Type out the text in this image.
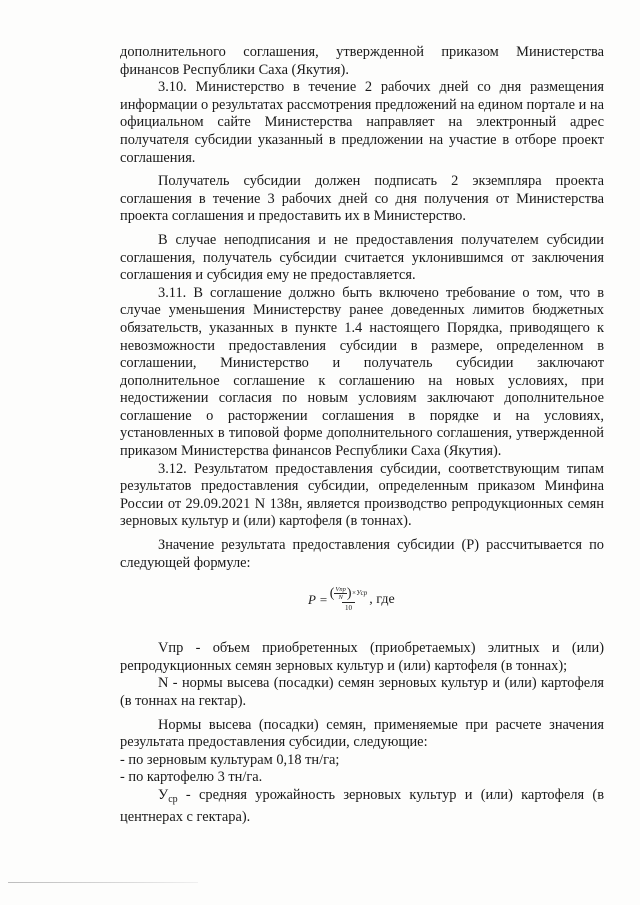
дополнительного соглашения, утвержденной приказом Министерства финансов Республики Саха (Якутия).

3.10. Министерство в течение 2 рабочих дней со дня размещения информации о результатах рассмотрения предложений на едином портале и на официальном сайте Министерства направляет на электронный адрес получателя субсидии указанный в предложении на участие в отборе проект соглашения.

Получатель субсидии должен подписать 2 экземпляра проекта соглашения в течение 3 рабочих дней со дня получения от Министерства проекта соглашения и предоставить их в Министерство.

В случае неподписания и не предоставления получателем субсидии соглашения, получатель субсидии считается уклонившимся от заключения соглашения и субсидия ему не предоставляется.

3.11. В соглашение должно быть включено требование о том, что в случае уменьшения Министерству ранее доведенных лимитов бюджетных обязательств, указанных в пункте 1.4 настоящего Порядка, приводящего к невозможности предоставления субсидии в размере, определенном в соглашении, Министерство и получатель субсидии заключают дополнительное соглашение к соглашению на новых условиях, при недостижении согласия по новым условиям заключают дополнительное соглашение о расторжении соглашения в порядке и на условиях, установленных в типовой форме дополнительного соглашения, утвержденной приказом Министерства финансов Республики Саха (Якутия).

3.12. Результатом предоставления субсидии, соответствующим типам результатов предоставления субсидии, определенным приказом Минфина России от 29.09.2021 N 138н, является производство репродукционных семян зерновых культур и (или) картофеля (в тоннах).

Значение результата предоставления субсидии (Р) рассчитывается по следующей формуле:

P = ( $\frac{\text{Vпр}}{N}$ ) ×Уср
10
, где

Vпр - объем приобретенных (приобретаемых) элитных и (или) репродукционных семян зерновых культур и (или) картофеля (в тоннах);

N - нормы высева (посадки) семян зерновых культур и (или) картофеля (в тоннах на гектар).

Нормы высева (посадки) семян, применяемые при расчете значения результата предоставления субсидии, следующие:

- по зерновым культурам 0,18 тн/га;

- по картофелю 3 тн/га.

$У_{ср}$ - средняя урожайность зерновых культур и (или) картофеля (в центнерах с гектара).
